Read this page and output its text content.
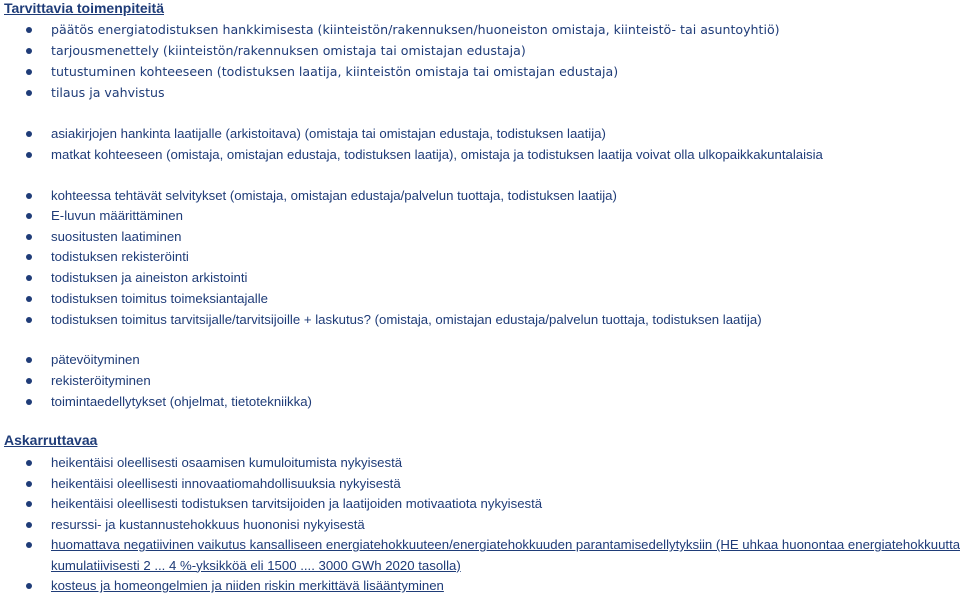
Tarvittavia toimenpiteitä
päätös energiatodistuksen hankkimisesta (kiinteistön/rakennuksen/huoneiston omistaja, kiinteistö- tai asuntoyhtiö)
tarjousmenettely (kiinteistön/rakennuksen omistaja tai omistajan edustaja)
tutustuminen kohteeseen (todistuksen laatija, kiinteistön omistaja tai omistajan edustaja)
tilaus ja vahvistus
asiakirjojen hankinta laatijalle (arkistoitava) (omistaja tai omistajan edustaja, todistuksen laatija)
matkat kohteeseen (omistaja, omistajan edustaja, todistuksen laatija), omistaja ja todistuksen laatija voivat olla ulkopaikkakuntalaisia
kohteessa tehtävät selvitykset (omistaja, omistajan edustaja/palvelun tuottaja, todistuksen laatija)
E-luvun määrittäminen
suositusten laatiminen
todistuksen rekisteröinti
todistuksen ja aineiston arkistointi
todistuksen toimitus toimeksiantajalle
todistuksen toimitus tarvitsijalle/tarvitsijoille + laskutus? (omistaja, omistajan edustaja/palvelun tuottaja, todistuksen laatija)
pätevöityminen
rekisteröityminen
toimintaedellytykset (ohjelmat, tietotekniikka)
Askarruttavaa
heikentäisi oleellisesti osaamisen kumuloitumista nykyisestä
heikentäisi oleellisesti innovaatiomahdollisuuksia nykyisestä
heikentäisi oleellisesti todistuksen tarvitsijoiden ja laatijoiden motivaatiota nykyisestä
resurssi- ja kustannustehokkuus huononisi nykyisestä
huomattava negatiivinen vaikutus kansalliseen energiatehokkuuteen/energiatehokkuuden parantamisedellytyksiin (HE uhkaa huonontaa energiatehokkuutta kumulatiivisesti 2 ... 4 %-yksikköä eli 1500 .... 3000 GWh 2020 tasolla)
kosteus ja homeongelmien ja niiden riskin merkittävä lisääntyminen
